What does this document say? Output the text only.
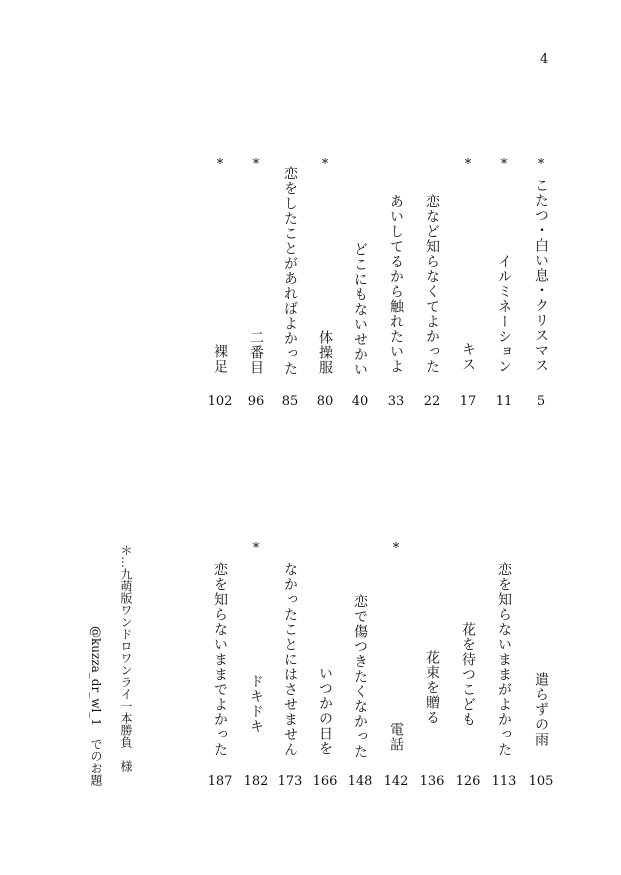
4
*
こたつ・白い息・クリスマス
5
*
イルミネーション
11
*
キス
17
恋など知らなくてよかった
22
あいしてるから触れたいよ
33
どこにもないせかい
40
*
体操服
80
恋をしたことがあればよかった
85
*
二番目
96
*
裸足
102
遣らずの雨
105
恋を知らないままがよかった
113
花を待つこども
126
花束を贈る
136
*
電話
142
恋で傷つきたくなかった
148
いつかの日を
166
なかったことにはさせません
173
*
ドキドキ
182
恋を知らないままでよかった
187
＊…九萌版ワンドロワンライ一本勝負　様
@kuzza_dr_wl_1　でのお題
